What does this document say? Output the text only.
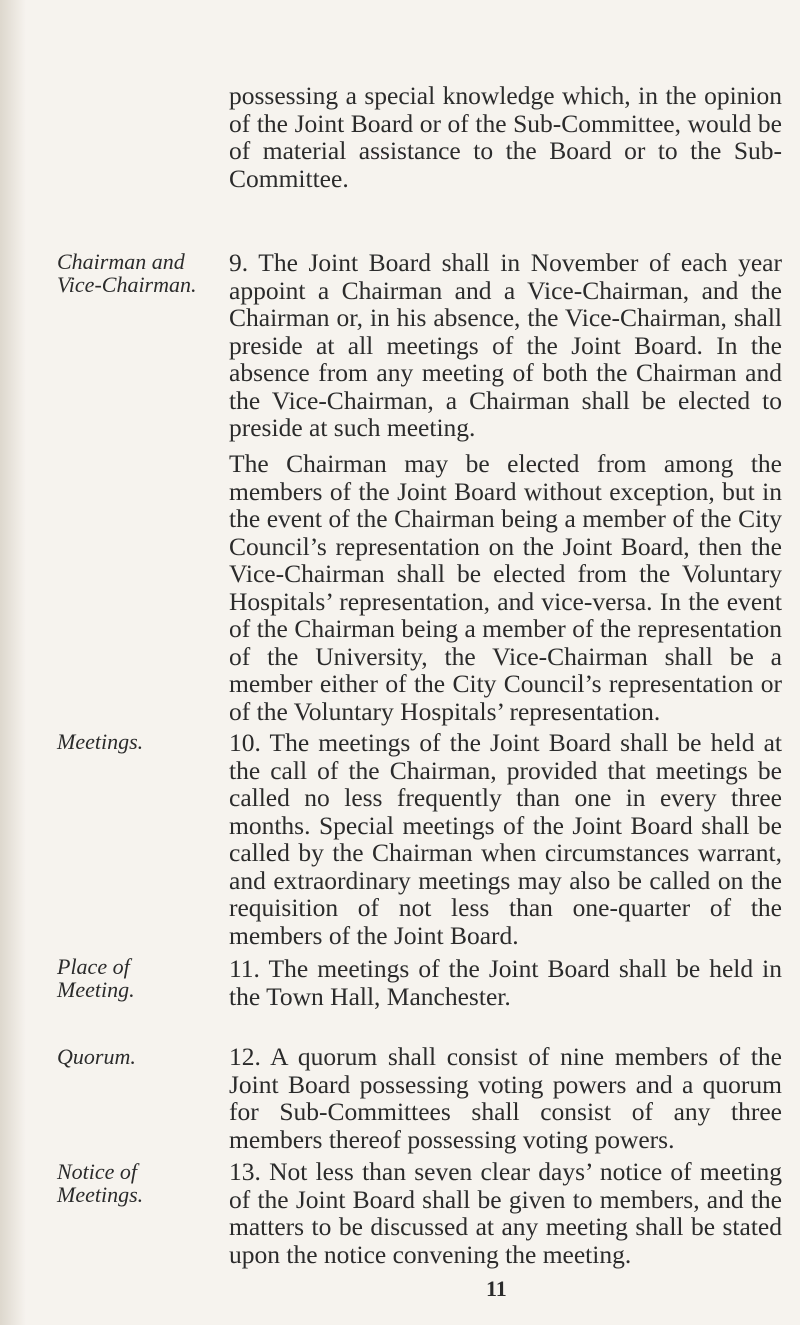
possessing a special knowledge which, in the opinion of the Joint Board or of the Sub-Committee, would be of material assistance to the Board or to the Sub-Committee.

Chairman and Vice-Chairman.

9. The Joint Board shall in November of each year appoint a Chairman and a Vice-Chairman, and the Chairman or, in his absence, the Vice-Chairman, shall preside at all meetings of the Joint Board. In the absence from any meeting of both the Chairman and the Vice-Chairman, a Chairman shall be elected to preside at such meeting.

The Chairman may be elected from among the members of the Joint Board without exception, but in the event of the Chairman being a member of the City Council’s representation on the Joint Board, then the Vice-Chairman shall be elected from the Voluntary Hospitals’ representation, and vice-versa. In the event of the Chairman being a member of the representation of the University, the Vice-Chairman shall be a member either of the City Council’s representation or of the Voluntary Hospitals’ representation.

Meetings.	10. The meetings of the Joint Board shall be held at the call of the Chairman, provided that meetings be called no less frequently than one in every three months. Special meetings of the Joint Board shall be called by the Chairman when circumstances warrant, and extraordinary meetings may also be called on the requisition of not less than one-quarter of the members of the Joint Board.

Place of Meeting.

11. The meetings of the Joint Board shall be held in the Town Hall, Manchester.

Quorum.	12. A quorum shall consist of nine members of the Joint Board possessing voting powers and a quorum for Sub-Committees shall consist of any three members thereof possessing voting powers.

Notice of Meetings.

13. Not less than seven clear days’ notice of meeting of the Joint Board shall be given to members, and the matters to be discussed at any meeting shall be stated upon the notice convening the meeting.

11
